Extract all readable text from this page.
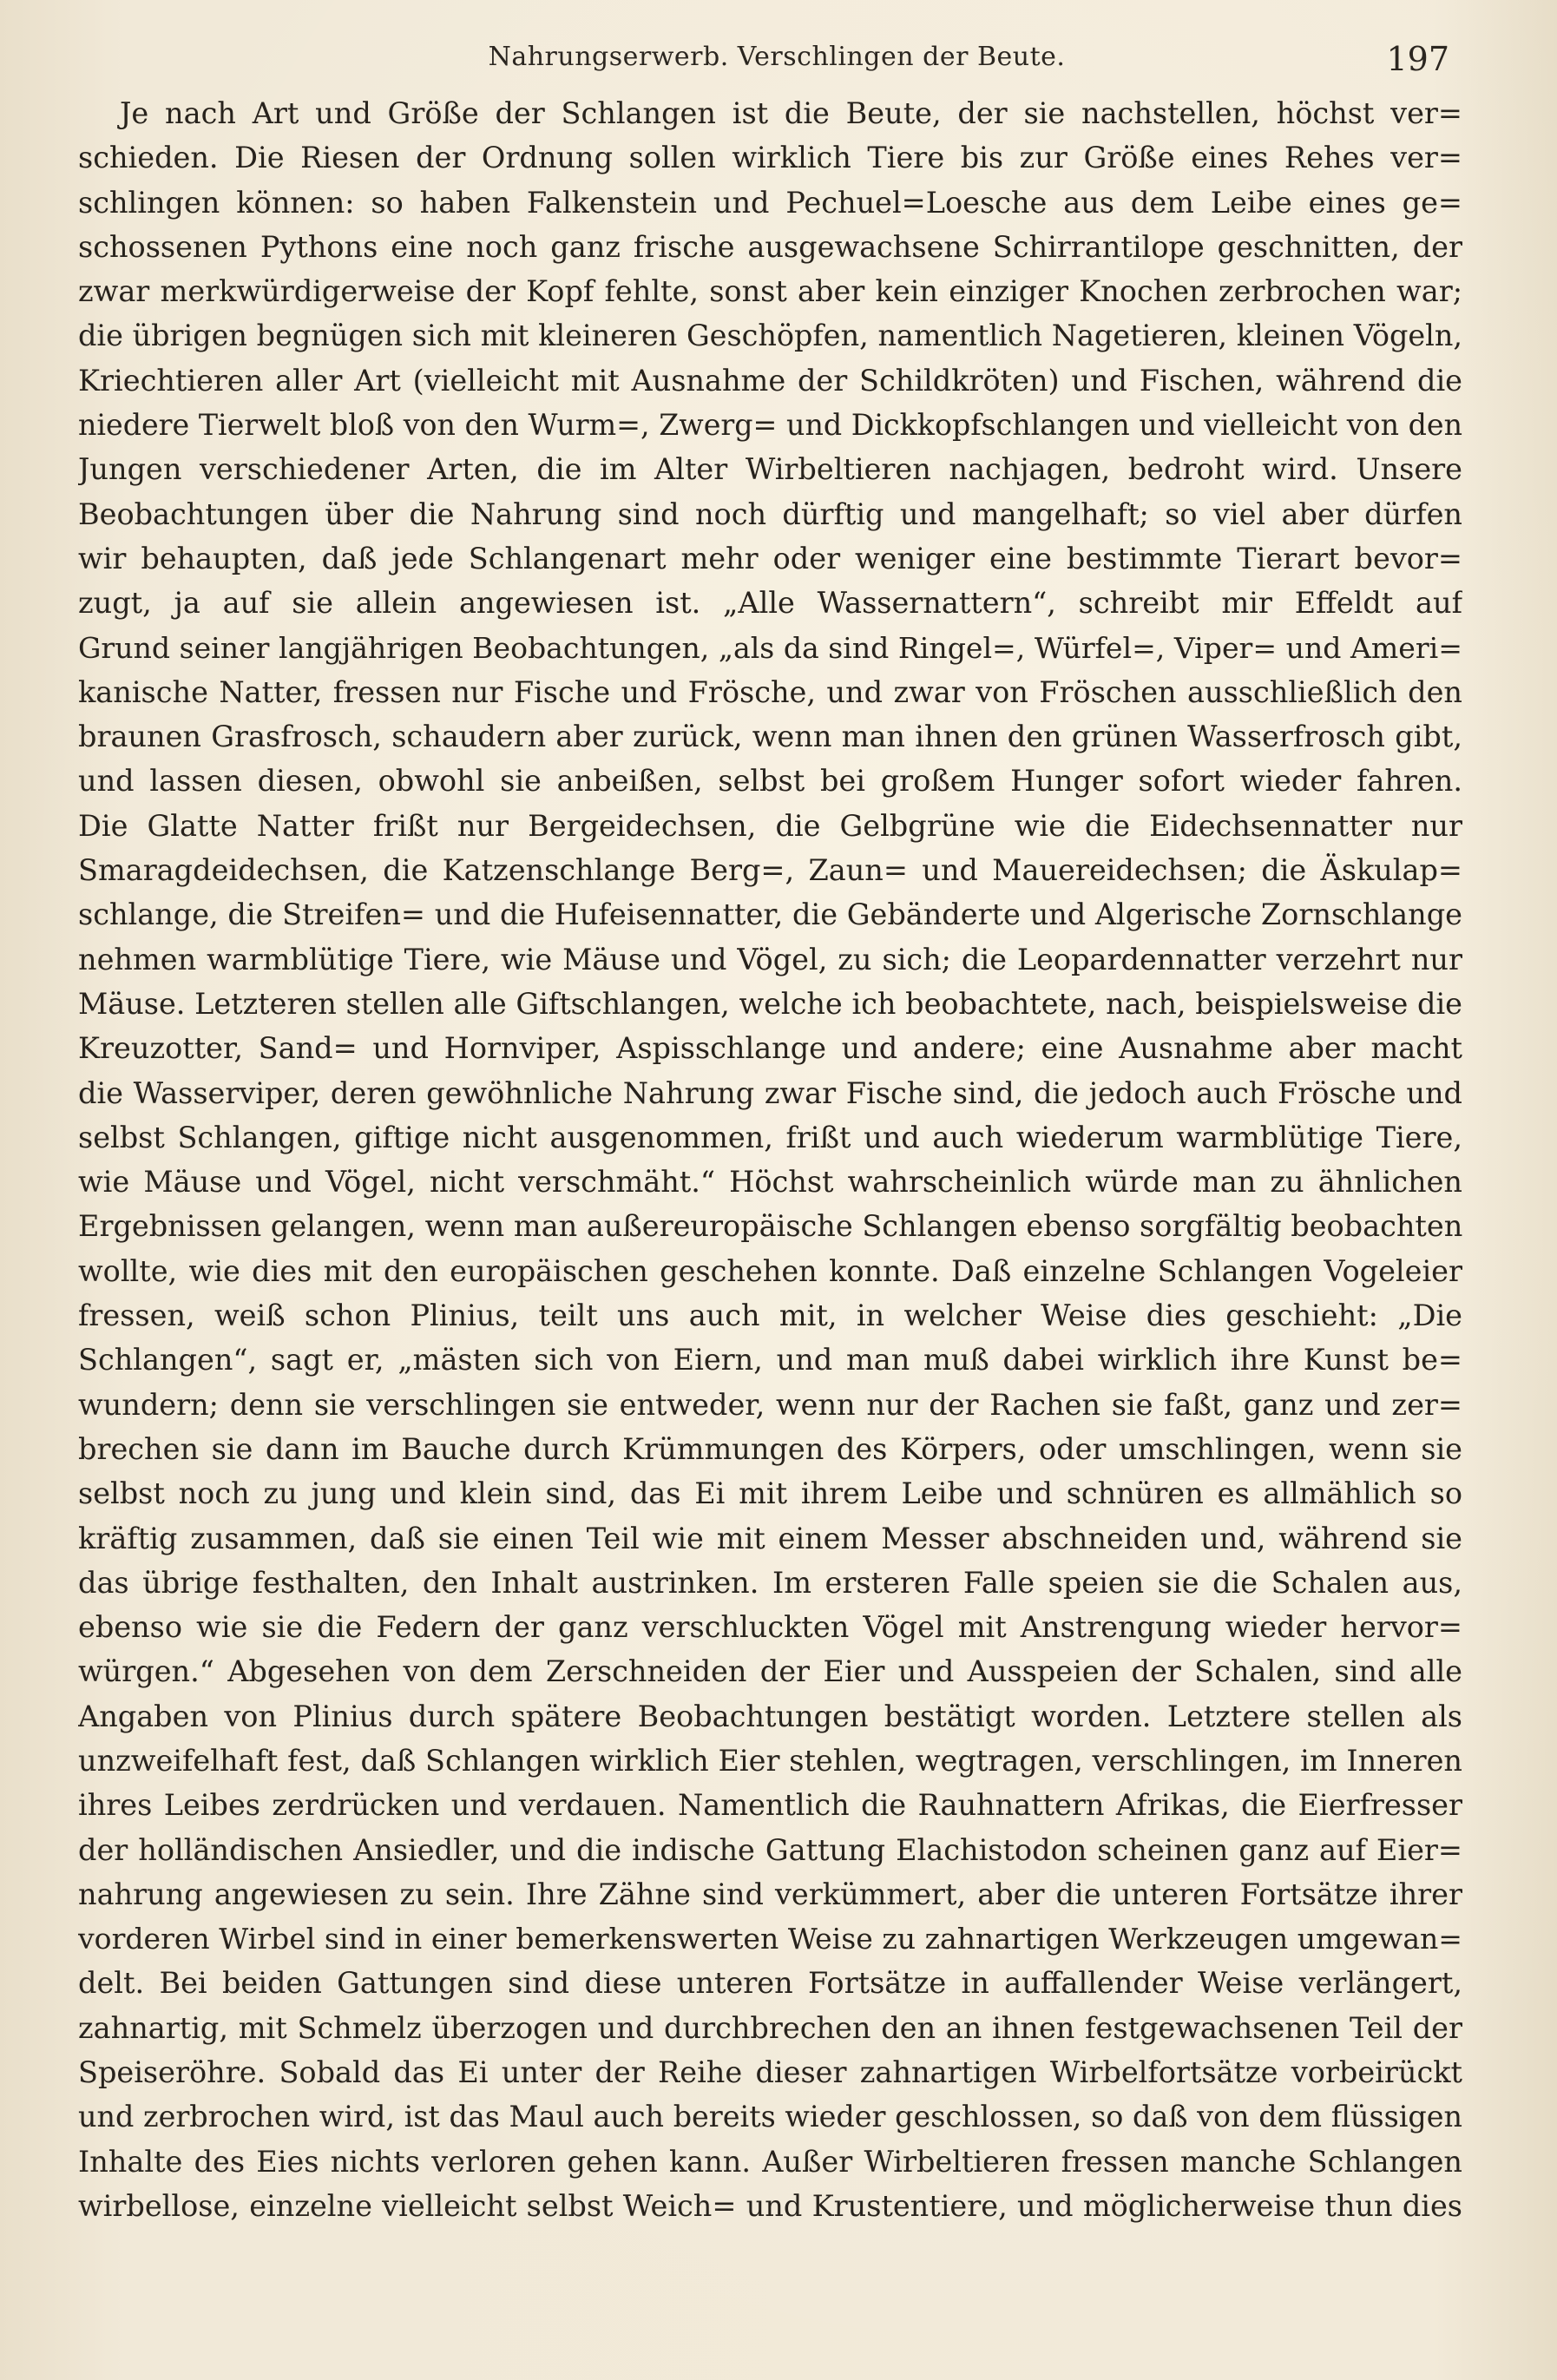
Nahrungserwerb. Verschlingen der Beute.	197
Je nach Art und Größe der Schlangen ist die Beute, der sie nachstellen, höchst ver=
schieden. Die Riesen der Ordnung sollen wirklich Tiere bis zur Größe eines Rehes ver=
schlingen können: so haben Falkenstein und Pechuel=Loesche aus dem Leibe eines ge=
schossenen Pythons eine noch ganz frische ausgewachsene Schirrantilope geschnitten, der
zwar merkwürdigerweise der Kopf fehlte, sonst aber kein einziger Knochen zerbrochen war;
die übrigen begnügen sich mit kleineren Geschöpfen, namentlich Nagetieren, kleinen Vögeln,
Kriechtieren aller Art (vielleicht mit Ausnahme der Schildkröten) und Fischen, während die
niedere Tierwelt bloß von den Wurm=, Zwerg= und Dickkopfschlangen und vielleicht von den
Jungen verschiedener Arten, die im Alter Wirbeltieren nachjagen, bedroht wird. Unsere
Beobachtungen über die Nahrung sind noch dürftig und mangelhaft; so viel aber dürfen
wir behaupten, daß jede Schlangenart mehr oder weniger eine bestimmte Tierart bevor=
zugt, ja auf sie allein angewiesen ist. „Alle Wassernattern“, schreibt mir Effeldt auf
Grund seiner langjährigen Beobachtungen, „als da sind Ringel=, Würfel=, Viper= und Ameri=
kanische Natter, fressen nur Fische und Frösche, und zwar von Fröschen ausschließlich den
braunen Grasfrosch, schaudern aber zurück, wenn man ihnen den grünen Wasserfrosch gibt,
und lassen diesen, obwohl sie anbeißen, selbst bei großem Hunger sofort wieder fahren.
Die Glatte Natter frißt nur Bergeidechsen, die Gelbgrüne wie die Eidechsennatter nur
Smaragdeidechsen, die Katzenschlange Berg=, Zaun= und Mauereidechsen; die Äskulap=
schlange, die Streifen= und die Hufeisennatter, die Gebänderte und Algerische Zornschlange
nehmen warmblütige Tiere, wie Mäuse und Vögel, zu sich; die Leopardennatter verzehrt nur
Mäuse. Letzteren stellen alle Giftschlangen, welche ich beobachtete, nach, beispielsweise die
Kreuzotter, Sand= und Hornviper, Aspisschlange und andere; eine Ausnahme aber macht
die Wasserviper, deren gewöhnliche Nahrung zwar Fische sind, die jedoch auch Frösche und
selbst Schlangen, giftige nicht ausgenommen, frißt und auch wiederum warmblütige Tiere,
wie Mäuse und Vögel, nicht verschmäht.“ Höchst wahrscheinlich würde man zu ähnlichen
Ergebnissen gelangen, wenn man außereuropäische Schlangen ebenso sorgfältig beobachten
wollte, wie dies mit den europäischen geschehen konnte. Daß einzelne Schlangen Vogeleier
fressen, weiß schon Plinius, teilt uns auch mit, in welcher Weise dies geschieht: „Die
Schlangen“, sagt er, „mästen sich von Eiern, und man muß dabei wirklich ihre Kunst be=
wundern; denn sie verschlingen sie entweder, wenn nur der Rachen sie faßt, ganz und zer=
brechen sie dann im Bauche durch Krümmungen des Körpers, oder umschlingen, wenn sie
selbst noch zu jung und klein sind, das Ei mit ihrem Leibe und schnüren es allmählich so
kräftig zusammen, daß sie einen Teil wie mit einem Messer abschneiden und, während sie
das übrige festhalten, den Inhalt austrinken. Im ersteren Falle speien sie die Schalen aus,
ebenso wie sie die Federn der ganz verschluckten Vögel mit Anstrengung wieder hervor=
würgen.“ Abgesehen von dem Zerschneiden der Eier und Ausspeien der Schalen, sind alle
Angaben von Plinius durch spätere Beobachtungen bestätigt worden. Letztere stellen als
unzweifelhaft fest, daß Schlangen wirklich Eier stehlen, wegtragen, verschlingen, im Inneren
ihres Leibes zerdrücken und verdauen. Namentlich die Rauhnattern Afrikas, die Eierfresser
der holländischen Ansiedler, und die indische Gattung Elachistodon scheinen ganz auf Eier=
nahrung angewiesen zu sein. Ihre Zähne sind verkümmert, aber die unteren Fortsätze ihrer
vorderen Wirbel sind in einer bemerkenswerten Weise zu zahnartigen Werkzeugen umgewan=
delt. Bei beiden Gattungen sind diese unteren Fortsätze in auffallender Weise verlängert,
zahnartig, mit Schmelz überzogen und durchbrechen den an ihnen festgewachsenen Teil der
Speiseröhre. Sobald das Ei unter der Reihe dieser zahnartigen Wirbelfortsätze vorbeirückt
und zerbrochen wird, ist das Maul auch bereits wieder geschlossen, so daß von dem flüssigen
Inhalte des Eies nichts verloren gehen kann. Außer Wirbeltieren fressen manche Schlangen
wirbellose, einzelne vielleicht selbst Weich= und Krustentiere, und möglicherweise thun dies
